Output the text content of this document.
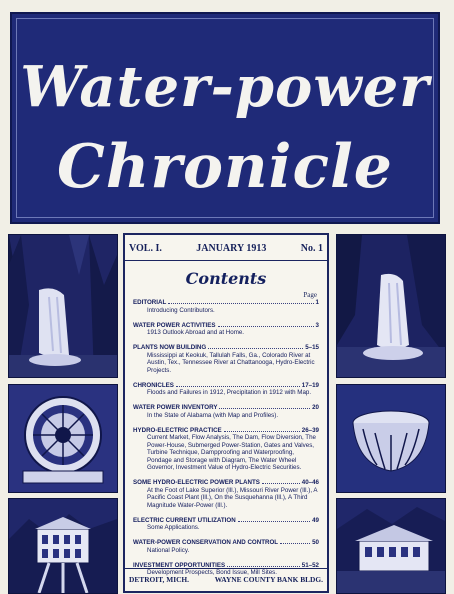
Water-power
Chronicle
VOL. I.	JANUARY 1913	No. 1
Contents
Page
EDITORIAL	1
Introducing Contributors.
WATER POWER ACTIVITIES	3
1913 Outlook Abroad and at Home.
PLANTS NOW BUILDING	5–15
Mississippi at Keokuk, Tallulah Falls, Ga., Colorado River at Austin, Tex., Tennessee River at Chattanooga, Hydro-Electric Projects.
CHRONICLES	17–19
Floods and Failures in 1912, Precipitation in 1912 with Map.
WATER POWER INVENTORY	20
In the State of Alabama (with Map and Profiles).
HYDRO-ELECTRIC PRACTICE	26–39
Current Market, Flow Analysis, The Dam, Flow Diversion, The Power-House, Submerged Power-Station, Gates and Valves, Turbine Technique, Dampproofing and Waterproofing, Pondage and Storage with Diagram, The Water Wheel Governor, Investment Value of Hydro-Electric Securities.
SOME HYDRO-ELECTRIC POWER PLANTS	40–46
At the Foot of Lake Superior (Ill.), Missouri River Power (Ill.), A Pacific Coast Plant (Ill.), On the Susquehanna (Ill.), A Third Magnitude Water-Power (Ill.).
ELECTRIC CURRENT UTILIZATION	49
Some Applications.
WATER-POWER CONSERVATION AND CONTROL	50
National Policy.
INVESTMENT OPPORTUNITIES	51–52
Development Prospects, Bond Issue, Mill Sites.
DETROIT, MICH.	WAYNE COUNTY BANK BLDG.
